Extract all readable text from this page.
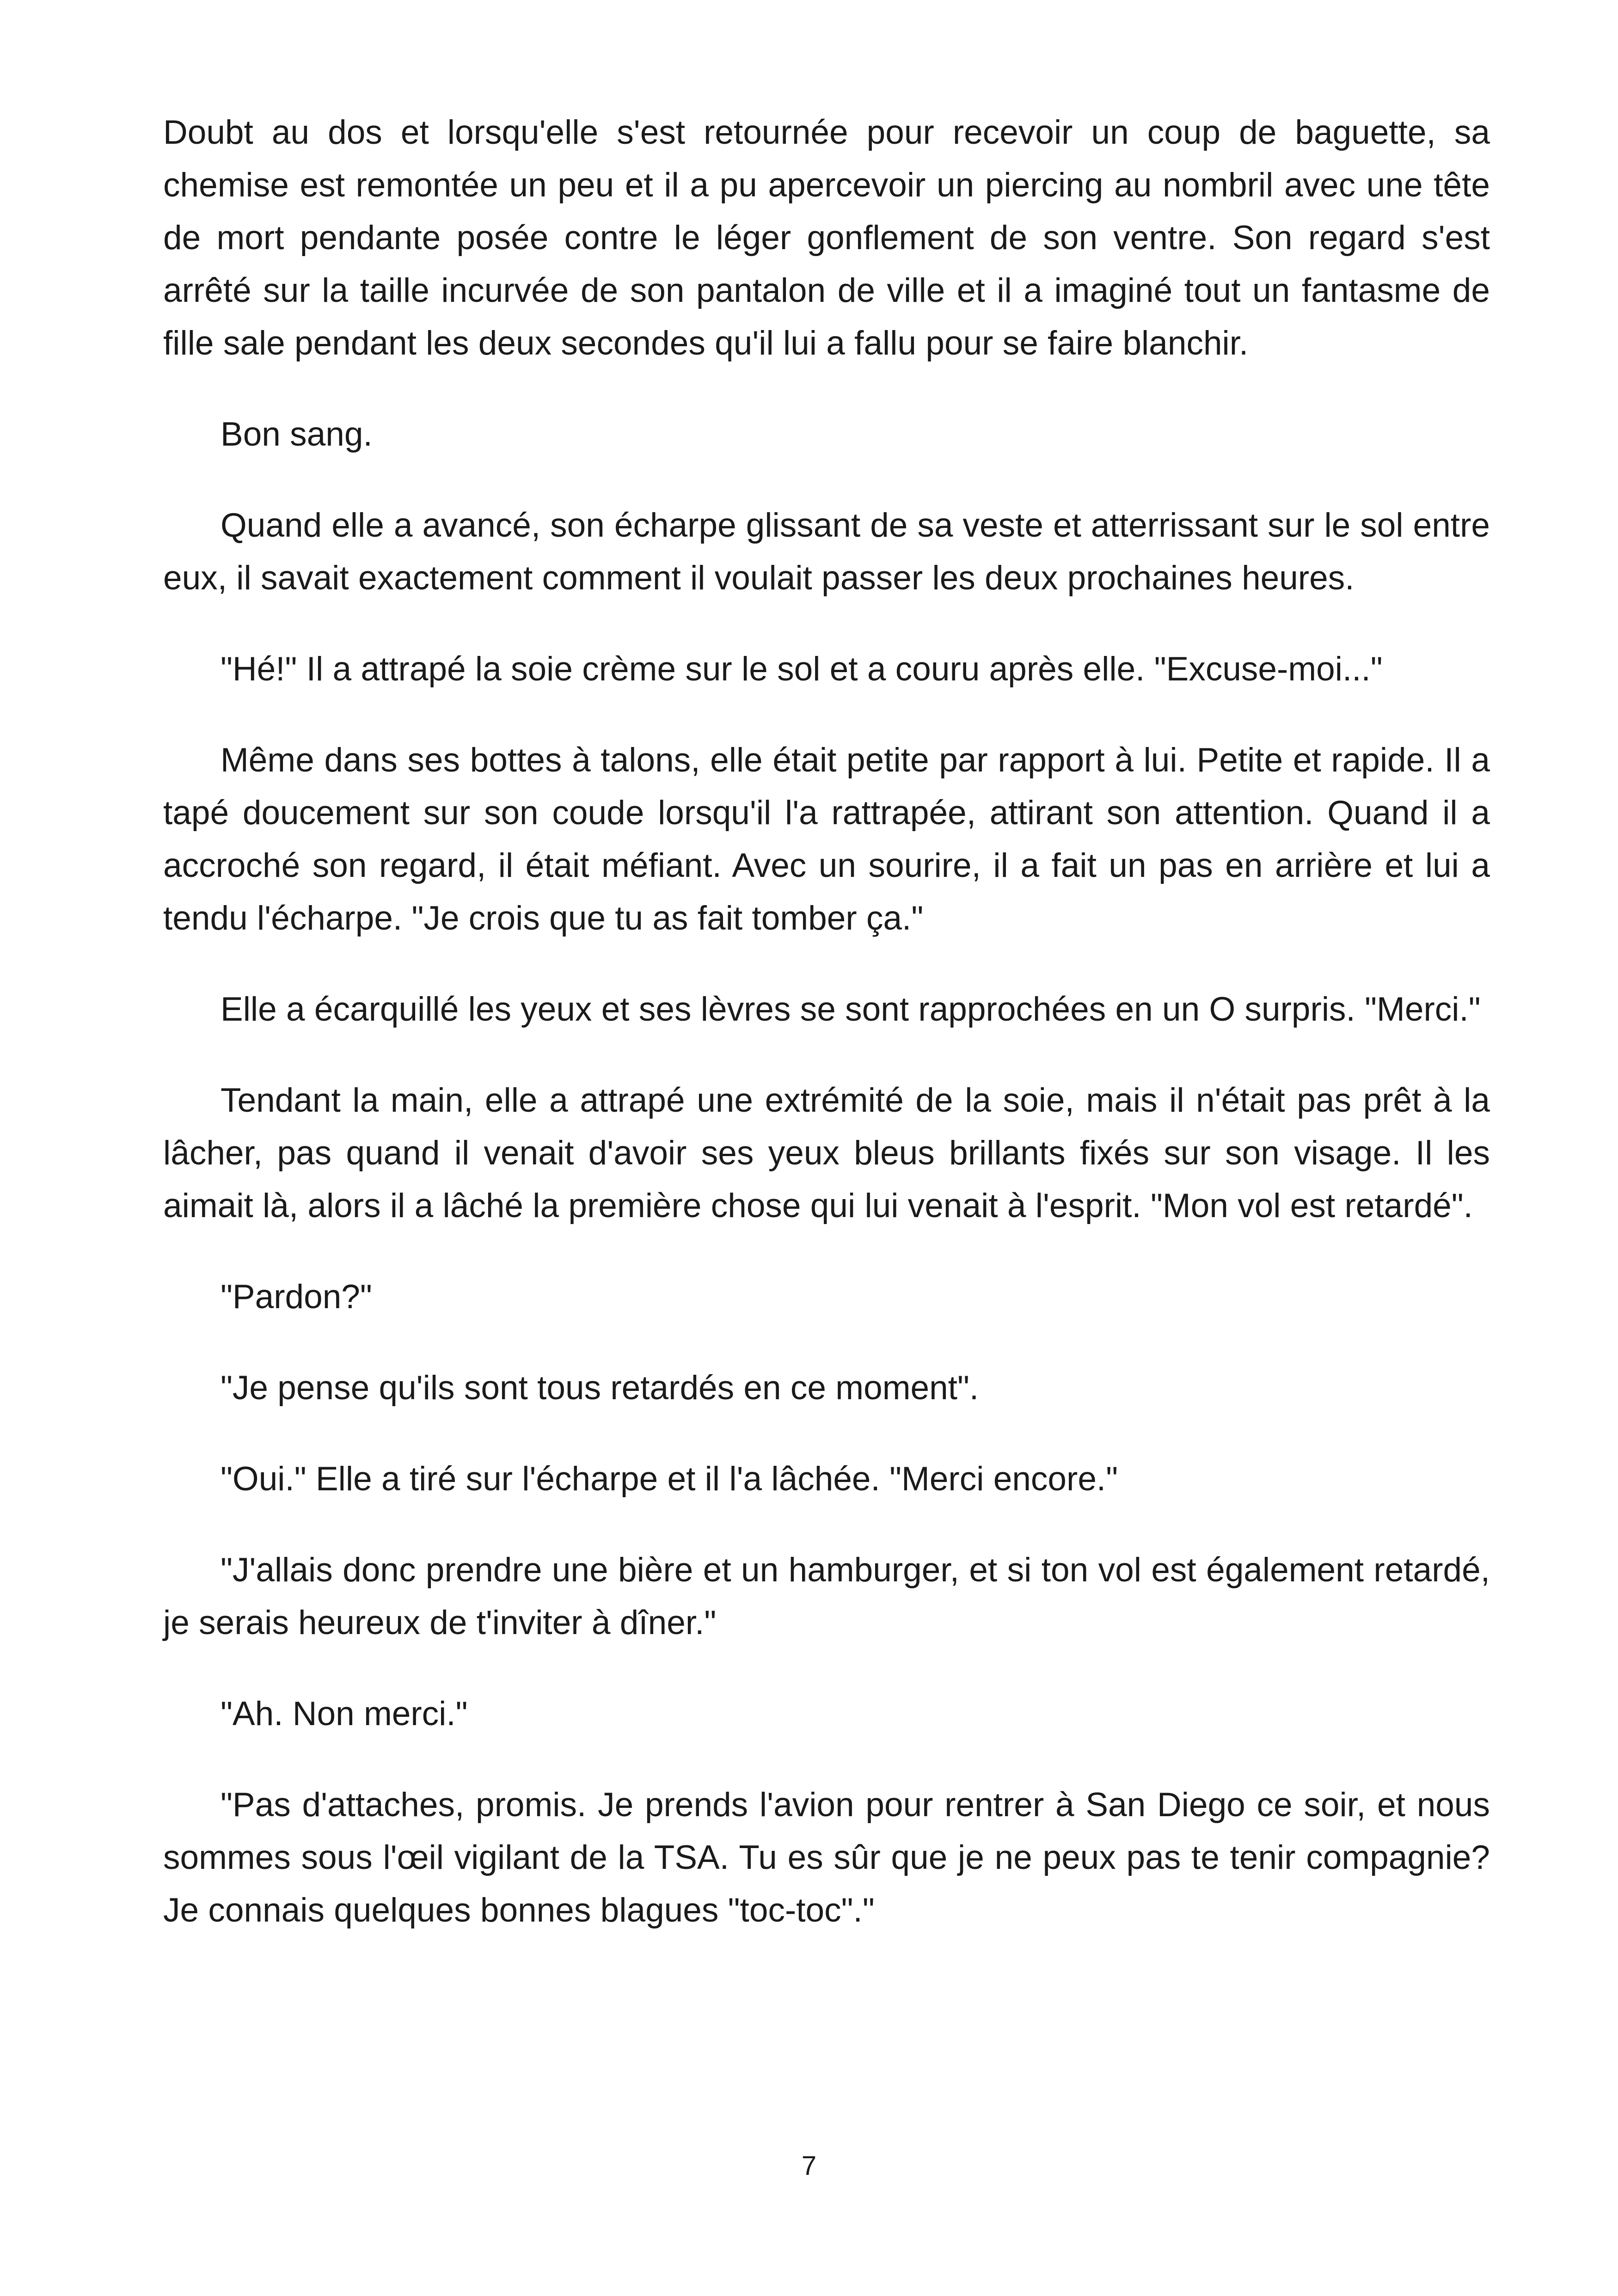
Doubt au dos et lorsqu'elle s'est retournée pour recevoir un coup de baguette, sa chemise est remontée un peu et il a pu apercevoir un piercing au nombril avec une tête de mort pendante posée contre le léger gonflement de son ventre. Son regard s'est arrêté sur la taille incurvée de son pantalon de ville et il a imaginé tout un fantasme de fille sale pendant les deux secondes qu'il lui a fallu pour se faire blanchir.

Bon sang.

Quand elle a avancé, son écharpe glissant de sa veste et atterrissant sur le sol entre eux, il savait exactement comment il voulait passer les deux prochaines heures.

"Hé!" Il a attrapé la soie crème sur le sol et a couru après elle. "Excuse-moi..."

Même dans ses bottes à talons, elle était petite par rapport à lui. Petite et rapide. Il a tapé doucement sur son coude lorsqu'il l'a rattrapée, attirant son attention. Quand il a accroché son regard, il était méfiant. Avec un sourire, il a fait un pas en arrière et lui a tendu l'écharpe. "Je crois que tu as fait tomber ça."

Elle a écarquillé les yeux et ses lèvres se sont rapprochées en un O surpris. "Merci."

Tendant la main, elle a attrapé une extrémité de la soie, mais il n'était pas prêt à la lâcher, pas quand il venait d'avoir ses yeux bleus brillants fixés sur son visage. Il les aimait là, alors il a lâché la première chose qui lui venait à l'esprit. "Mon vol est retardé".

"Pardon?"

"Je pense qu'ils sont tous retardés en ce moment".

"Oui." Elle a tiré sur l'écharpe et il l'a lâchée. "Merci encore."

"J'allais donc prendre une bière et un hamburger, et si ton vol est également retardé, je serais heureux de t'inviter à dîner."

"Ah. Non merci."

"Pas d'attaches, promis. Je prends l'avion pour rentrer à San Diego ce soir, et nous sommes sous l'œil vigilant de la TSA. Tu es sûr que je ne peux pas te tenir compagnie? Je connais quelques bonnes blagues "toc-toc"."

7
